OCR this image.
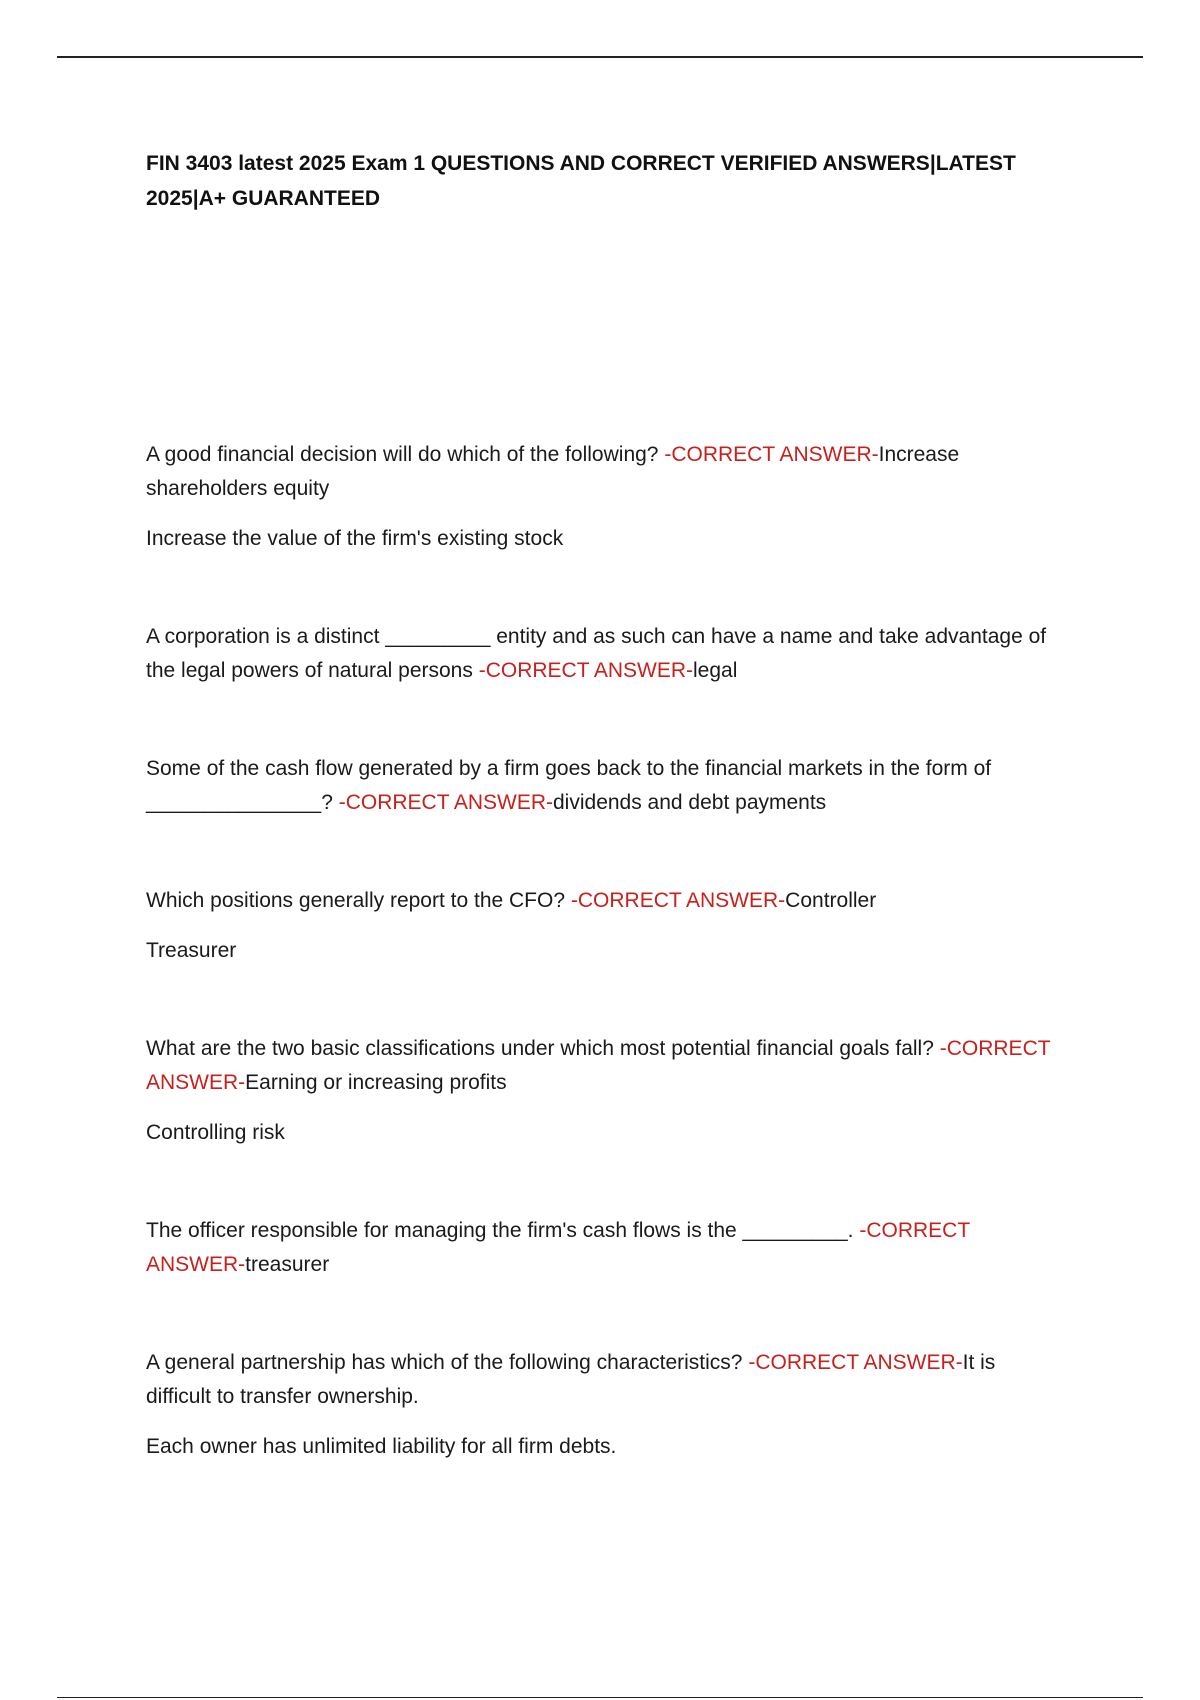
FIN 3403 latest 2025 Exam 1 QUESTIONS AND CORRECT VERIFIED ANSWERS|LATEST 2025|A+ GUARANTEED

A good financial decision will do which of the following? -CORRECT ANSWER-Increase shareholders equity

Increase the value of the firm's existing stock

A corporation is a distinct _________ entity and as such can have a name and take advantage of the legal powers of natural persons -CORRECT ANSWER-legal

Some of the cash flow generated by a firm goes back to the financial markets in the form of _______________? -CORRECT ANSWER-dividends and debt payments

Which positions generally report to the CFO? -CORRECT ANSWER-Controller

Treasurer

What are the two basic classifications under which most potential financial goals fall? -CORRECT ANSWER-Earning or increasing profits

Controlling risk

The officer responsible for managing the firm's cash flows is the _________. -CORRECT ANSWER-treasurer

A general partnership has which of the following characteristics? -CORRECT ANSWER-It is difficult to transfer ownership.

Each owner has unlimited liability for all firm debts.
